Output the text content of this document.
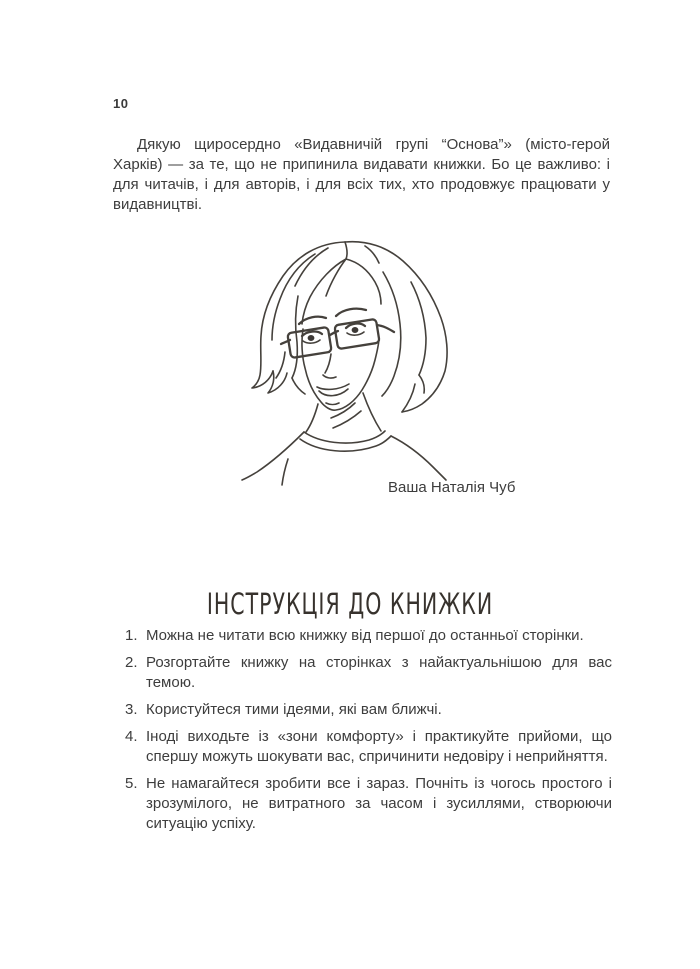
10

Дякую щиросердно «Видавничій групі “Основа”» (місто-герой Харків) — за те, що не припинила видавати книжки. Бо це важливо: і для читачів, і для авторів, і для всіх тих, хто продовжує працювати у видавництві.

Ваша Наталія Чуб
ІНСТРУКЦІЯ ДО КНИЖКИ
1. Можна не читати всю книжку від першої до останньої сторінки.
2. Розгортайте книжку на сторінках з найактуальнішою для вас темою.
3. Користуйтеся тими ідеями, які вам ближчі.
4. Іноді виходьте із «зони комфорту» і практикуйте прийоми, що спершу можуть шокувати вас, спричинити недовіру і неприйняття.
5. Не намагайтеся зробити все і зараз. Почніть із чогось простого і зрозумілого, не витратного за часом і зусиллями, створюючи ситуацію успіху.
